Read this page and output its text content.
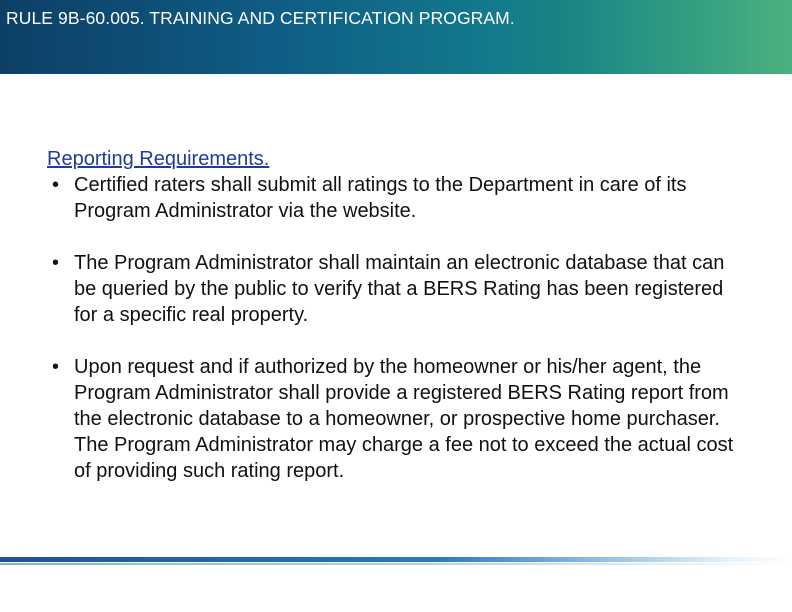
RULE 9B-60.005. TRAINING AND CERTIFICATION PROGRAM.

Reporting Requirements.

• Certified raters shall submit all ratings to the Department in care of its Program Administrator via the website.

• The Program Administrator shall maintain an electronic database that can be queried by the public to verify that a BERS Rating has been registered for a specific real property.

• Upon request and if authorized by the homeowner or his/her agent, the Program Administrator shall provide a registered BERS Rating report from the electronic database to a homeowner, or prospective home purchaser. The Program Administrator may charge a fee not to exceed the actual cost of providing such rating report.
